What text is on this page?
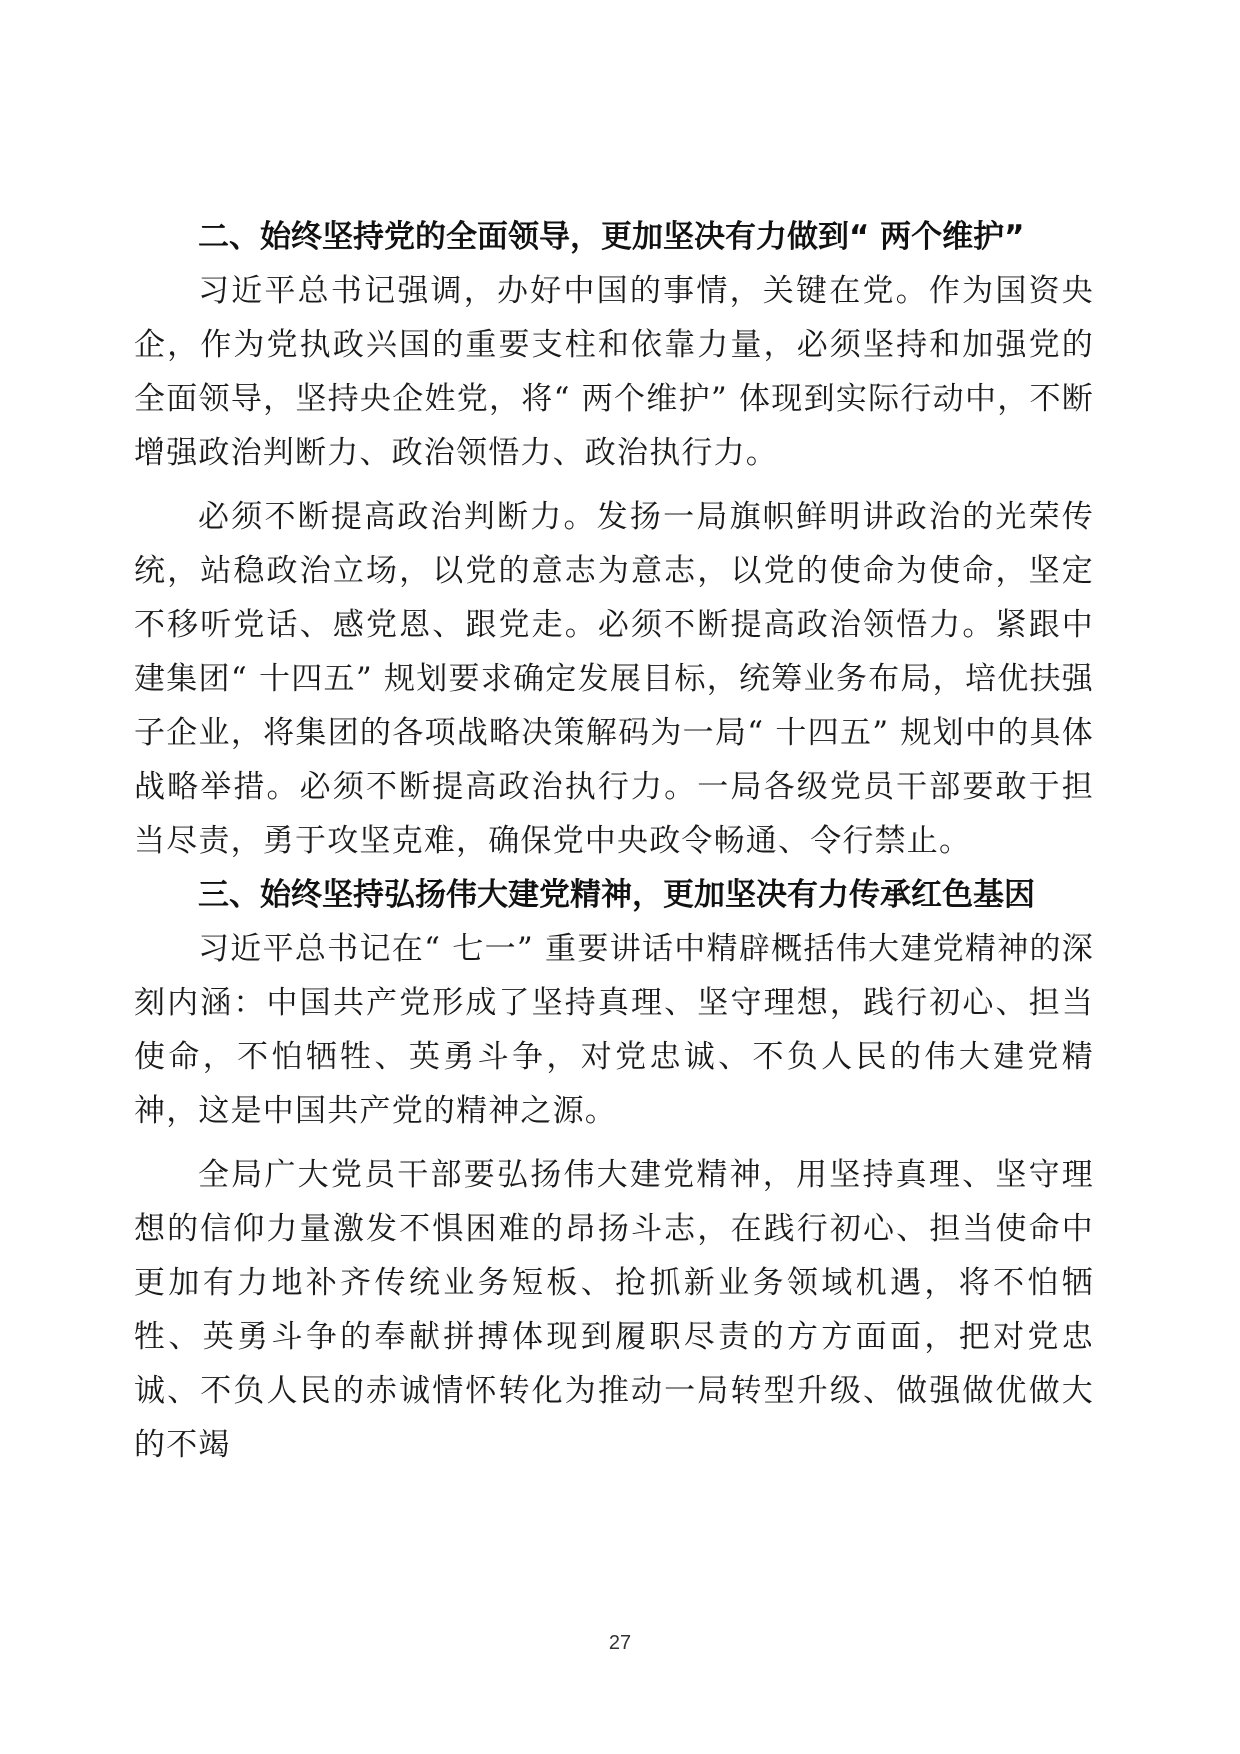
二、始终坚持党的全面领导，更加坚决有力做到“ 两个维护”

习近平总书记强调，办好中国的事情，关键在党。作为国资央企，作为党执政兴国的重要支柱和依靠力量，必须坚持和加强党的全面领导，坚持央企姓党，将“ 两个维护” 体现到实际行动中，不断增强政治判断力、政治领悟力、政治执行力。

必须不断提高政治判断力。发扬一局旗帜鲜明讲政治的光荣传统，站稳政治立场，以党的意志为意志，以党的使命为使命，坚定不移听党话、感党恩、跟党走。必须不断提高政治领悟力。紧跟中建集团“ 十四五” 规划要求确定发展目标，统筹业务布局，培优扶强子企业，将集团的各项战略决策解码为一局“ 十四五” 规划中的具体战略举措。必须不断提高政治执行力。一局各级党员干部要敢于担当尽责，勇于攻坚克难，确保党中央政令畅通、令行禁止。

三、始终坚持弘扬伟大建党精神，更加坚决有力传承红色基因

习近平总书记在“ 七一” 重要讲话中精辟概括伟大建党精神的深刻内涵：中国共产党形成了坚持真理、坚守理想，践行初心、担当使命，不怕牺牲、英勇斗争，对党忠诚、不负人民的伟大建党精神，这是中国共产党的精神之源。

全局广大党员干部要弘扬伟大建党精神，用坚持真理、坚守理想的信仰力量激发不惧困难的昂扬斗志，在践行初心、担当使命中更加有力地补齐传统业务短板、抢抓新业务领域机遇，将不怕牺牲、英勇斗争的奉献拼搏体现到履职尽责的方方面面，把对党忠诚、不负人民的赤诚情怀转化为推动一局转型升级、做强做优做大的不竭

27
